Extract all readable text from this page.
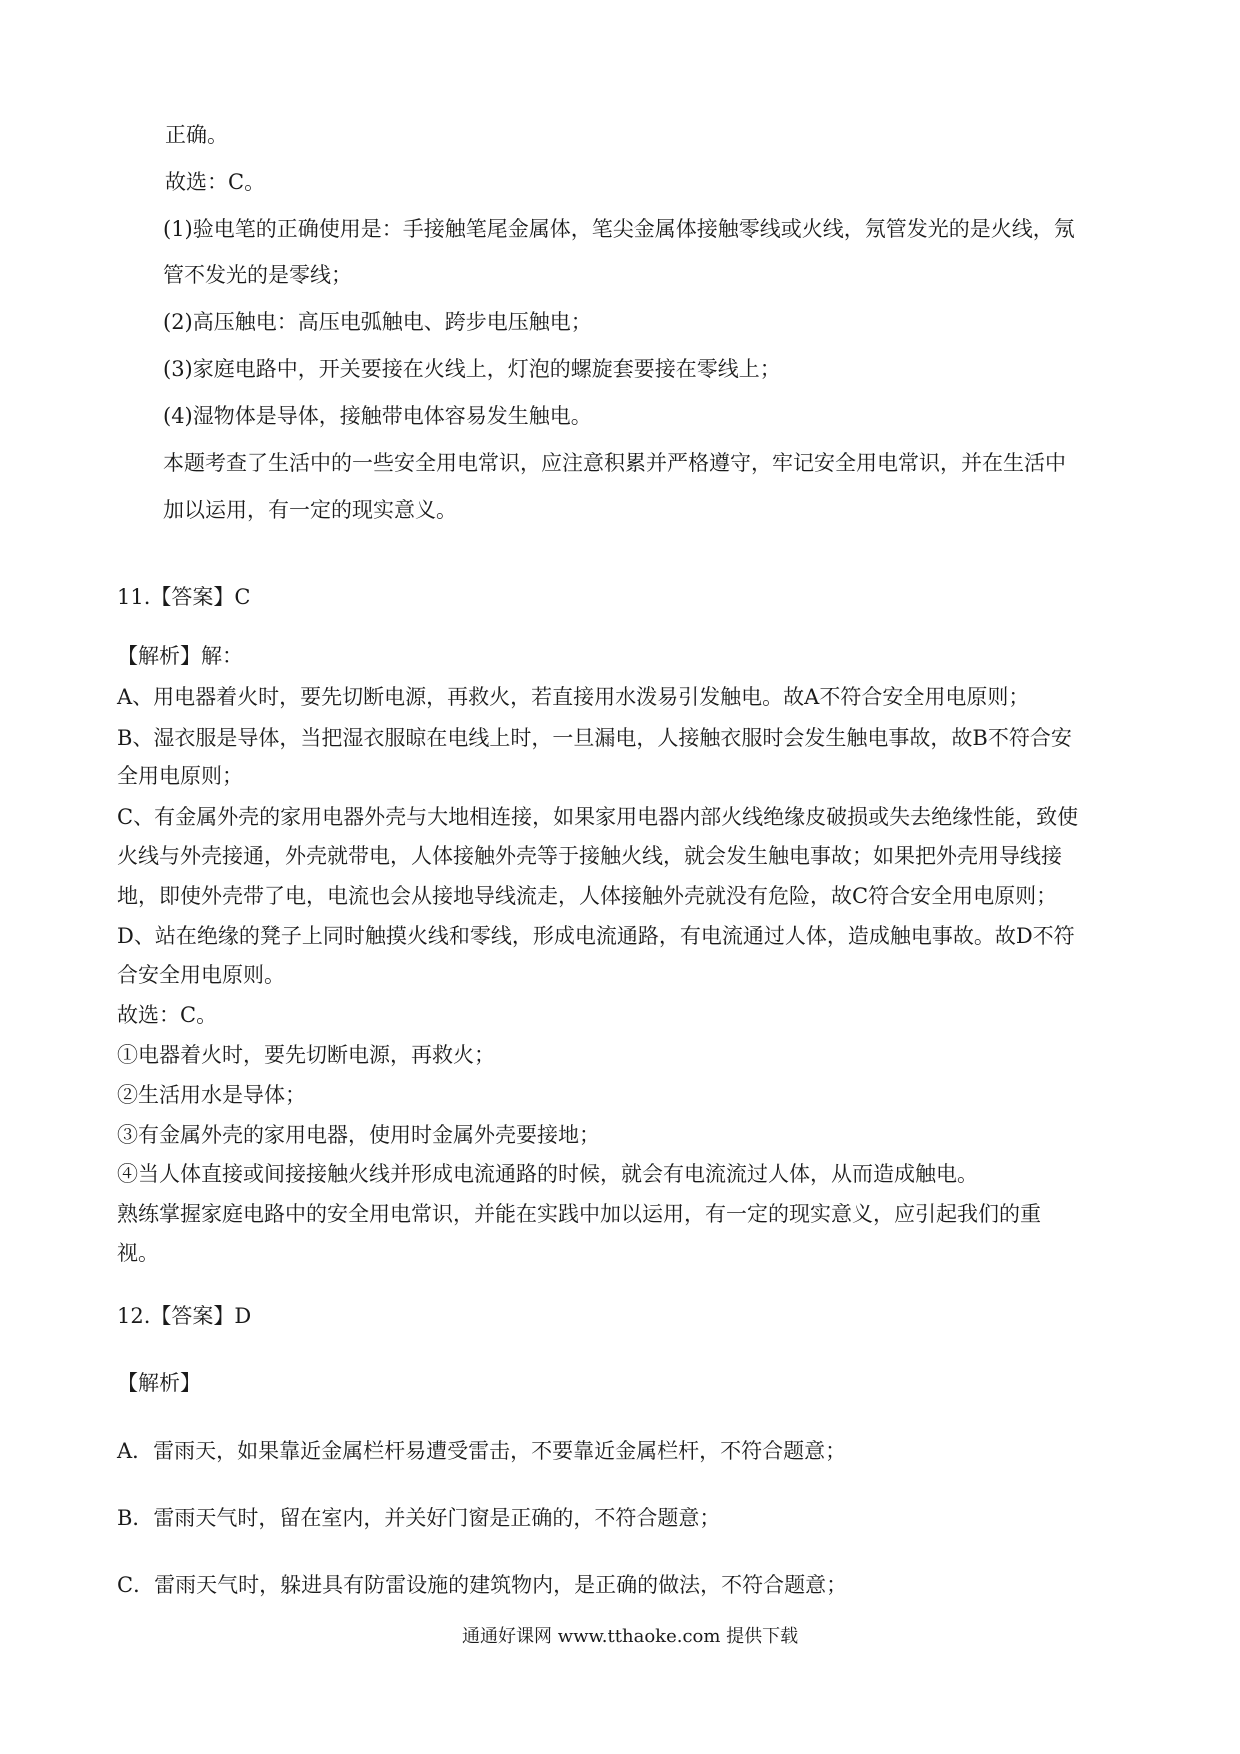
正确。
故选：C。
(1)验电笔的正确使用是：手接触笔尾金属体，笔尖金属体接触零线或火线，氖管发光的是火线，氖
管不发光的是零线；
(2)高压触电：高压电弧触电、跨步电压触电；
(3)家庭电路中，开关要接在火线上，灯泡的螺旋套要接在零线上；
(4)湿物体是导体，接触带电体容易发生触电。
本题考查了生活中的一些安全用电常识，应注意积累并严格遵守，牢记安全用电常识，并在生活中
加以运用，有一定的现实意义。
11.【答案】C
【解析】解：
A、用电器着火时，要先切断电源，再救火，若直接用水泼易引发触电。故A不符合安全用电原则；
B、湿衣服是导体，当把湿衣服晾在电线上时，一旦漏电，人接触衣服时会发生触电事故，故B不符合安
全用电原则；
C、有金属外壳的家用电器外壳与大地相连接，如果家用电器内部火线绝缘皮破损或失去绝缘性能，致使
火线与外壳接通，外壳就带电，人体接触外壳等于接触火线，就会发生触电事故；如果把外壳用导线接
地，即使外壳带了电，电流也会从接地导线流走，人体接触外壳就没有危险，故C符合安全用电原则；
D、站在绝缘的凳子上同时触摸火线和零线，形成电流通路，有电流通过人体，造成触电事故。故D不符
合安全用电原则。
故选：C。
①电器着火时，要先切断电源，再救火；
②生活用水是导体；
③有金属外壳的家用电器，使用时金属外壳要接地；
④当人体直接或间接接触火线并形成电流通路的时候，就会有电流流过人体，从而造成触电。
熟练掌握家庭电路中的安全用电常识，并能在实践中加以运用，有一定的现实意义，应引起我们的重
视。
12.【答案】D
【解析】
A．雷雨天，如果靠近金属栏杆易遭受雷击，不要靠近金属栏杆，不符合题意；
B．雷雨天气时，留在室内，并关好门窗是正确的，不符合题意；
C．雷雨天气时，躲进具有防雷设施的建筑物内，是正确的做法，不符合题意；
通通好课网 www.tthaoke.com 提供下载
